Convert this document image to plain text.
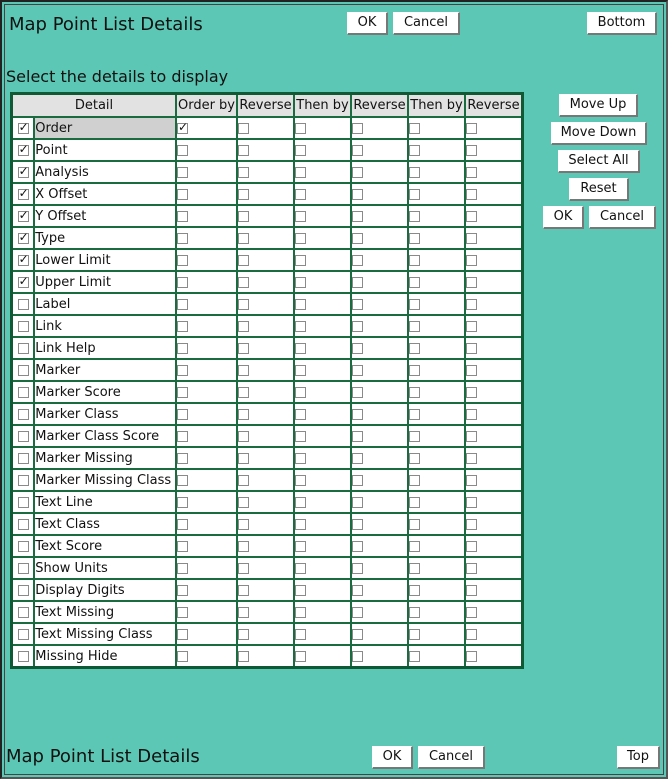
Map Point List Details	OK	Cancel	Bottom
Select the details to display
Detail		Order by	Reverse	Then by	Reverse	Then by	Reverse
✓	Order	✓					
✓	Point						
✓	Analysis						
✓	X Offset						
✓	Y Offset						
✓	Type						
✓	Lower Limit						
✓	Upper Limit						
	Label						
	Link						
	Link Help						
	Marker						
	Marker Score						
	Marker Class						
	Marker Class Score						
	Marker Missing						
	Marker Missing Class						
	Text Line						
	Text Class						
	Text Score						
	Show Units						
	Display Digits						
	Text Missing						
	Text Missing Class						
	Missing Hide						
Move Up
Move Down
Select All
Reset
OK	Cancel
Map Point List Details	OK	Cancel	Top
